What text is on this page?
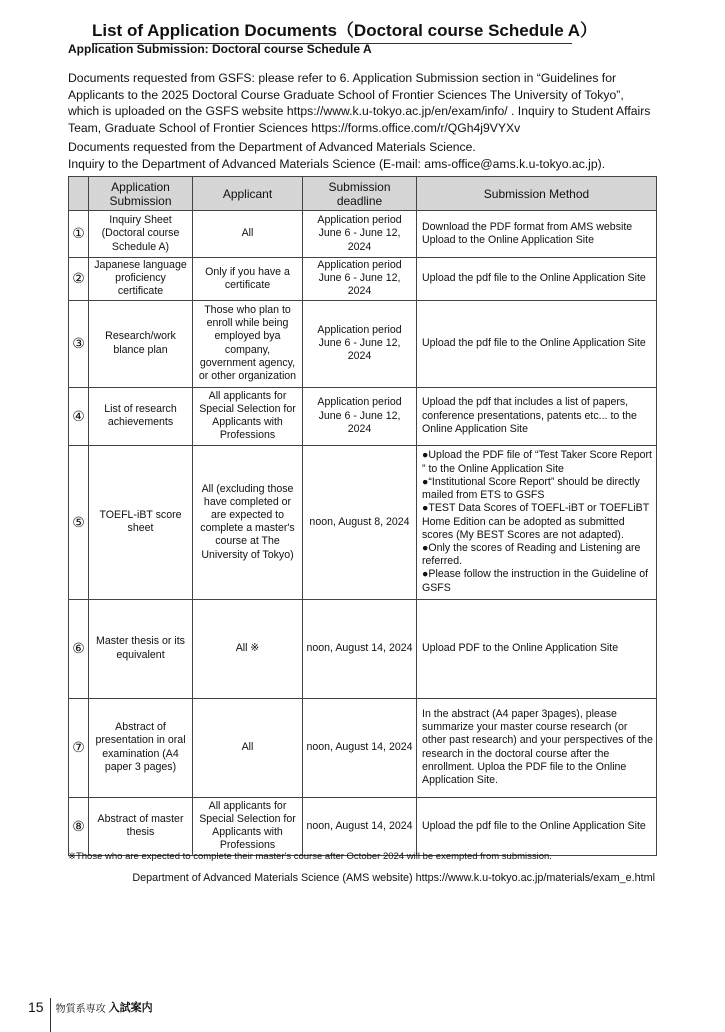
List of Application Documents（Doctoral course Schedule A）
Application Submission: Doctoral course Schedule A
Documents requested from GSFS: please refer to 6. Application Submission section in “Guidelines for Applicants to the 2025 Doctoral Course Graduate School of Frontier Sciences The University of Tokyo”, which is uploaded on the GSFS website https://www.k.u-tokyo.ac.jp/en/exam/info/ . Inquiry to Student Affairs Team, Graduate School of Frontier Sciences https://forms.office.com/r/QGh4j9VYXv
Documents requested from the Department of Advanced Materials Science.
Inquiry to the Department of Advanced Materials Science (E-mail: ams-office@ams.k.u-tokyo.ac.jp).
	Application Submission	Applicant	Submission deadline	Submission Method
①	Inquiry Sheet (Doctoral course Schedule A)	All	Application period June 6 - June 12, 2024	Download the PDF format from AMS website Upload to the Online Application Site
②	Japanese language proficiency certificate	Only if you have a certificate	Application period June 6 - June 12, 2024	Upload the pdf file to the Online Application Site
③	Research/work blance plan	Those who plan to enroll while being employed bya company, government agency, or other organization	Application period June 6 - June 12, 2024	Upload the pdf file to the Online Application Site
④	List of research achievements	All applicants for Special Selection for Applicants with Professions	Application period June 6 - June 12, 2024	Upload the pdf that includes a list of papers, conference presentations, patents etc... to the Online Application Site
⑤	TOEFL-iBT score sheet	All (excluding those have completed or are expected to complete a master's course at The University of Tokyo)	noon, August 8, 2024	●Upload the PDF file of “Test Taker Score Report ” to the Online Application Site
●“Institutional Score Report” should be directly mailed from ETS to GSFS
●TEST Data Scores of TOEFL-iBT or TOEFLiBT Home Edition can be adopted as submitted scores (My BEST Scores are not adapted).
●Only the scores of Reading and Listening are referred.
●Please follow the instruction in the Guideline of GSFS

⑥	Master thesis or its equivalent	All ※	noon, August 14, 2024	Upload PDF to the Online Application Site
⑦	Abstract of presentation in oral examination (A4 paper 3 pages)	All	noon, August 14, 2024	In the abstract (A4 paper 3pages), please summarize your master course research (or other past research) and your perspectives of the research in the doctoral course after the enrollment. Uploa the PDF file to the Online Application Site.
⑧	Abstract of master thesis	All applicants for Special Selection for Applicants with Professions	noon, August 14, 2024	Upload the pdf file to the Online Application Site
※Those who are expected to complete their master's course after October 2024 will be exempted from submission.
Department of Advanced Materials Science (AMS website) https://www.k.u-tokyo.ac.jp/materials/exam_e.html
15 物質系専攻 入試案内
